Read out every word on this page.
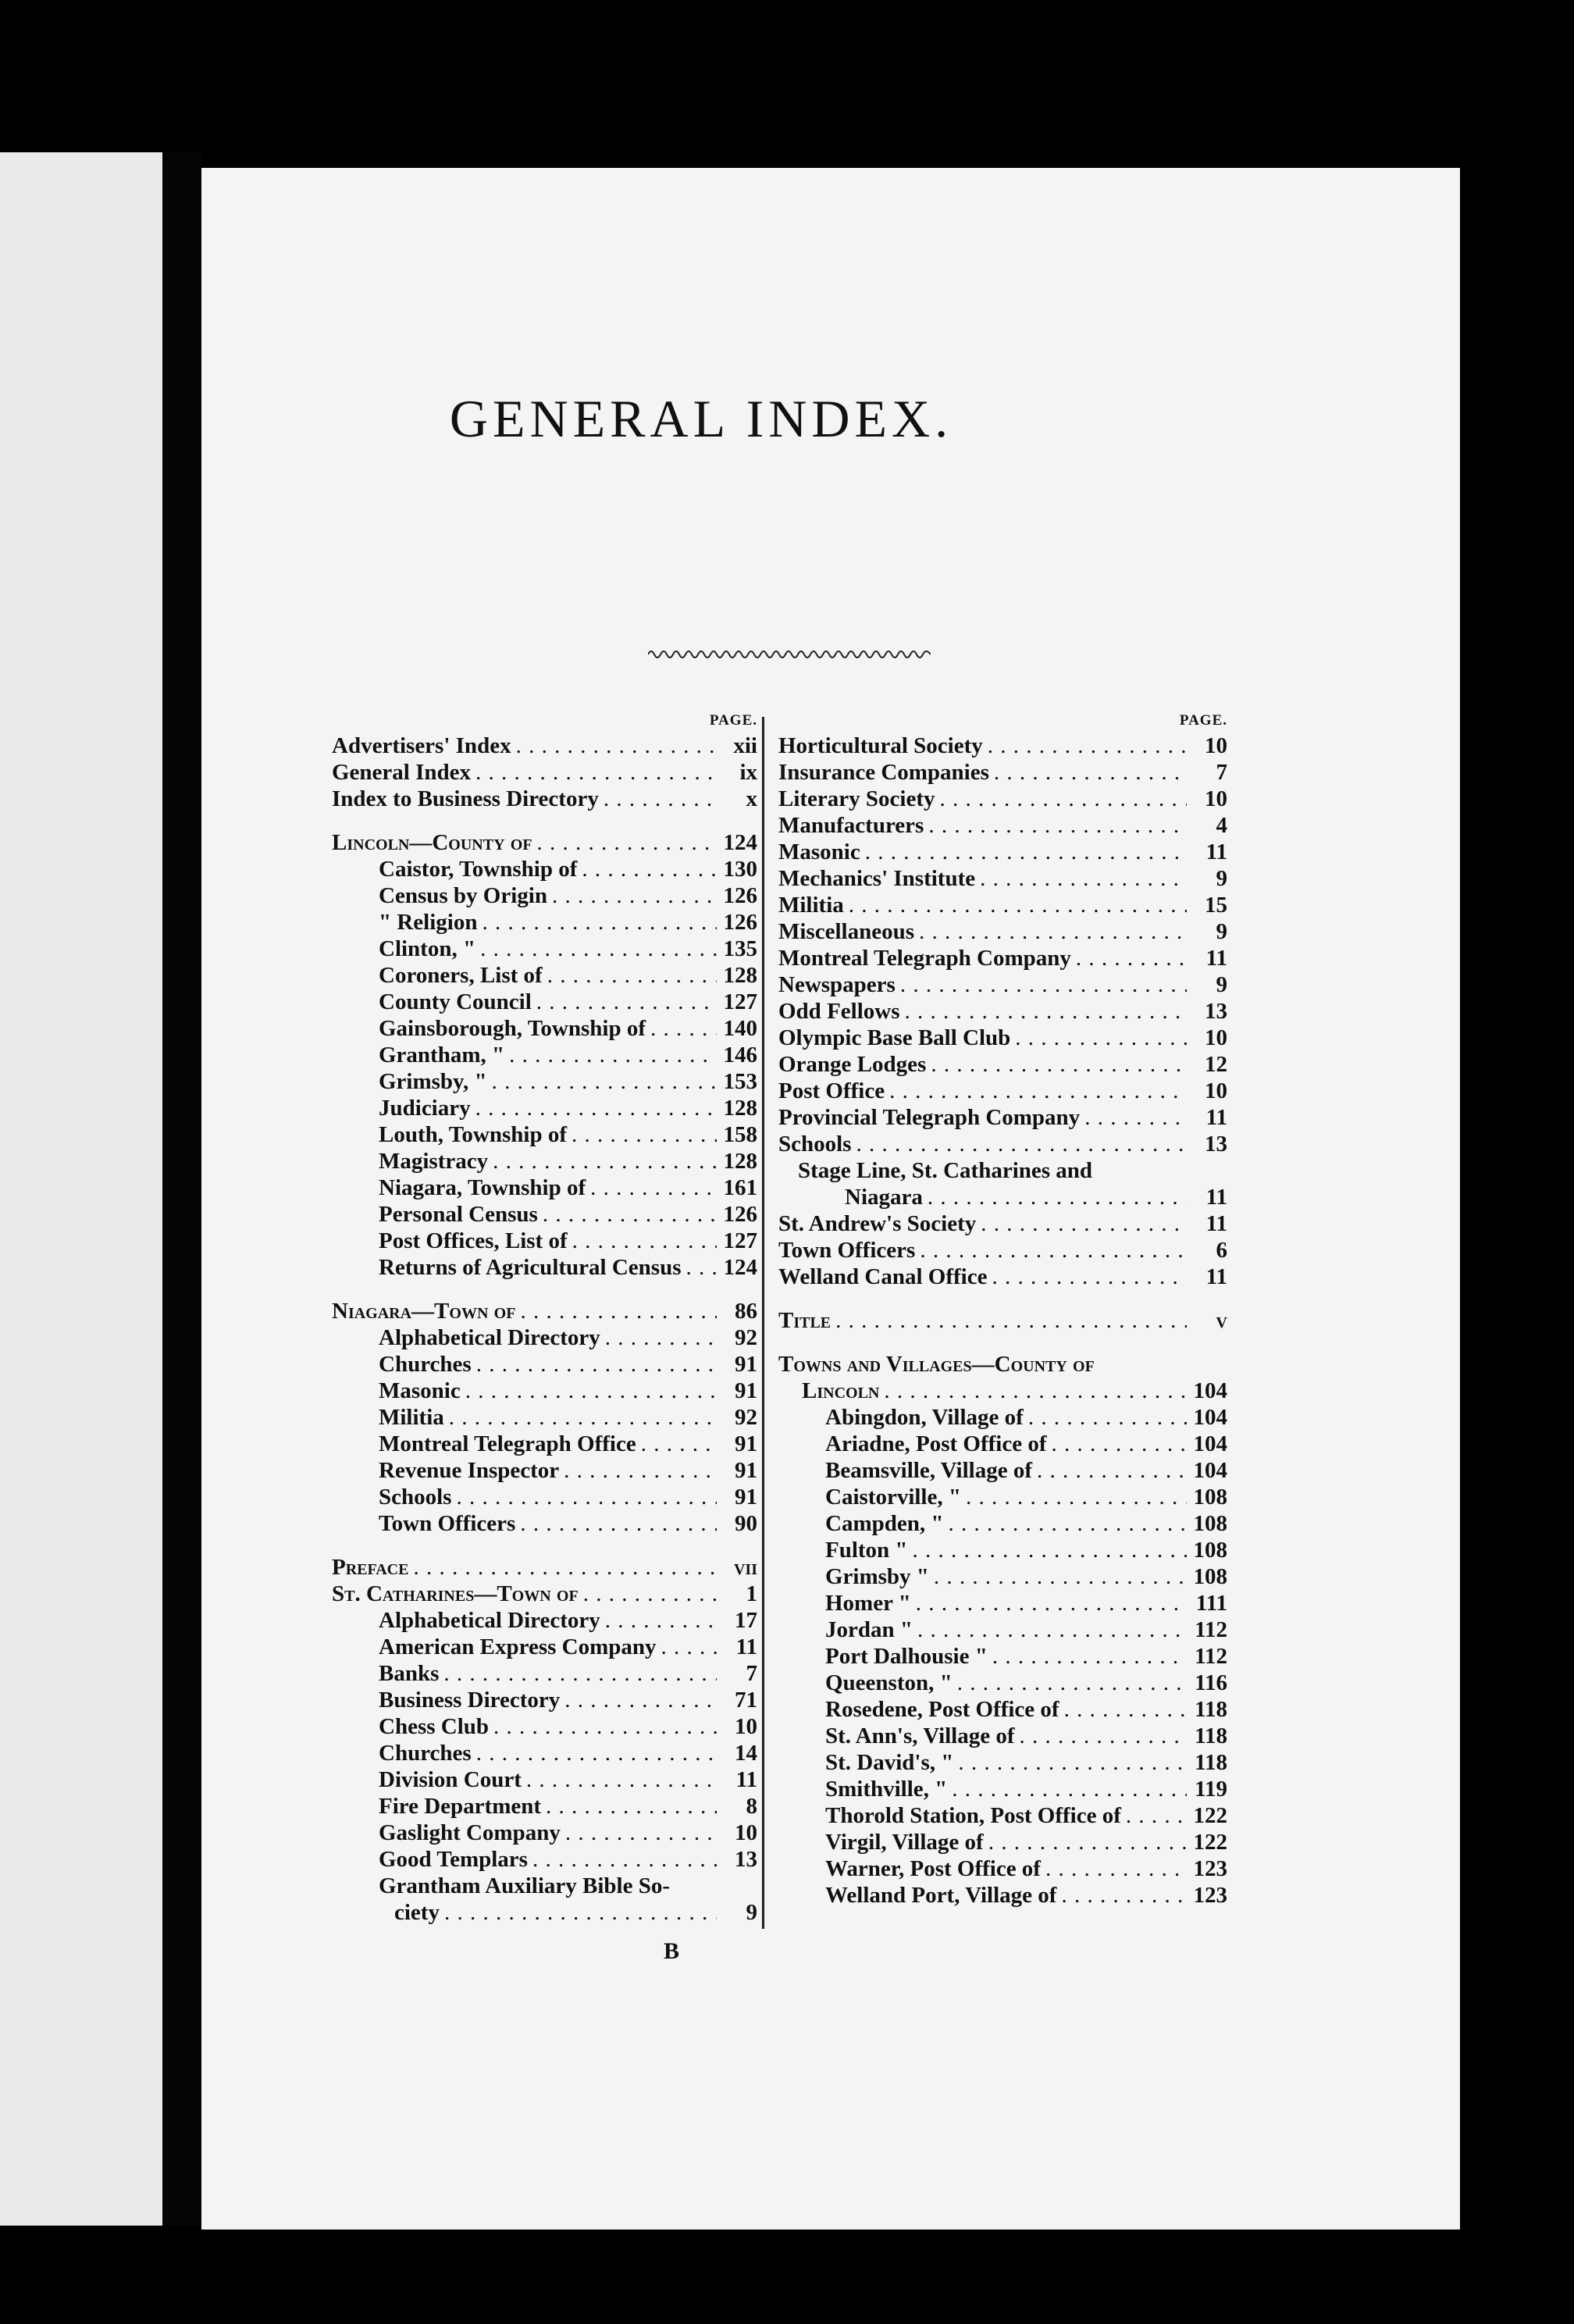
GENERAL INDEX.
PAGE.
Advertisers' Index . . .	xii
General Index . . .	ix
Index to Business Directory . . .	x
Lincoln—County of . . .	124
Caistor, Township of . . .	130
Census by Origin . . .	126
" Religion . . .	126
Clinton, " . . .	135
Coroners, List of . . .	128
County Council . . .	127
Gainsborough, Township of . . .	140
Grantham, " . . .	146
Grimsby, " . . .	153
Judiciary . . .	128
Louth, Township of . . .	158
Magistracy . . .	128
Niagara, Township of . . .	161
Personal Census . . .	126
Post Offices, List of . . .	127
Returns of Agricultural Census . . . 124
Niagara—Town of . . .	86
Alphabetical Directory . . .	92
Churches . . .	91
Masonic . . .	91
Militia . . .	92
Montreal Telegraph Office . . .	91
Revenue Inspector . . .	91
Schools . . .	91
Town Officers . . .	90
Preface . . .	vii
St. Catharines—Town of . . .	1
Alphabetical Directory . . .	17
American Express Company . . .	11
Banks . . .	7
Business Directory . . .	71
Chess Club . . .	10
Churches . . .	14
Division Court . . .	11
Fire Department . . .	8
Gaslight Company . . .	10
Good Templars . . .	13
Grantham Auxiliary Bible So-
ciety . . .	9
PAGE.
Horticultural Society . . .	10
Insurance Companies . . .	7
Literary Society . . .	10
Manufacturers . . .	4
Masonic . . .	11
Mechanics' Institute . . .	9
Militia . . .	15
Miscellaneous . . .	9
Montreal Telegraph Company . . .	11
Newspapers . . .	9
Odd Fellows . . .	13
Olympic Base Ball Club . . .	10
Orange Lodges . . .	12
Post Office . . .	10
Provincial Telegraph Company . . .	11
Schools . . .	13
Stage Line, St. Catharines and
Niagara . . .	11
St. Andrew's Society . . .	11
Town Officers . . .	6
Welland Canal Office . . .	11
Title . . .	v
Towns and Villages—County of
Lincoln . . .	104
Abingdon, Village of . . .	104
Ariadne, Post Office of . . .	104
Beamsville, Village of . . .	104
Caistorville, " . . .	108
Campden, " . . .	108
Fulton " . . .	108
Grimsby " . . .	108
Homer " . . .	111
Jordan " . . .	112
Port Dalhousie " . . .	112
Queenston, " . . .	116
Rosedene, Post Office of . . .	118
St. Ann's, Village of . . .	118
St. David's, " . . .	118
Smithville, " . . .	119
Thorold Station, Post Office of . . .	122
Virgil, Village of . . .	122
Warner, Post Office of . . .	123
Welland Port, Village of . . .	123
B
